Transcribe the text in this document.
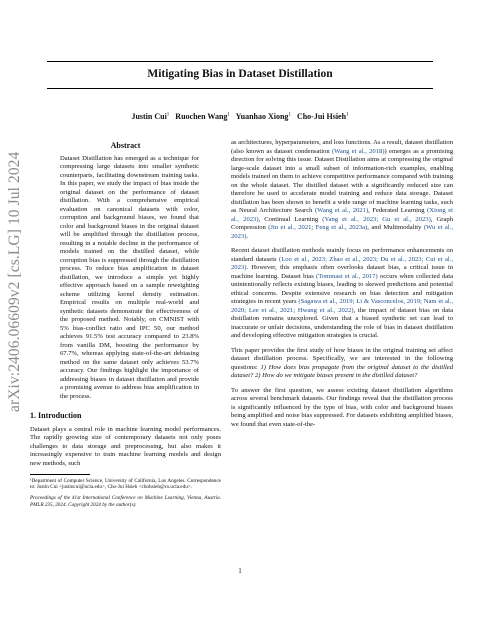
arXiv:2406.06609v2 [cs.LG] 10 Jul 2024
Mitigating Bias in Dataset Distillation
Justin Cui$^1$ Ruochen Wang$^1$ Yuanhao Xiong$^1$ Cho-Jui Hsieh$^1$
Abstract
Dataset Distillation has emerged as a technique for compressing large datasets into smaller synthetic counterparts, facilitating downstream training tasks. In this paper, we study the impact of bias inside the original dataset on the performance of dataset distillation. With a comprehensive empirical evaluation on canonical datasets with color, corruption and background biases, we found that color and background biases in the original dataset will be amplified through the distillation process, resulting in a notable decline in the performance of models trained on the distilled dataset, while corruption bias is suppressed through the distillation process. To reduce bias amplification in dataset distillation, we introduce a simple yet highly effective approach based on a sample reweighting scheme utilizing kernel density estimation. Empirical results on multiple real-world and synthetic datasets demonstrate the effectiveness of the proposed method. Notably, on CMNIST with 5% bias-conflict ratio and IPC 50, our method achieves 91.5% test accuracy compared to 23.8% from vanilla DM, boosting the performance by 67.7%, whereas applying state-of-the-art debiasing method on the same dataset only achieves 53.7% accuracy. Our findings highlight the importance of addressing biases in dataset distillation and provide a promising avenue to address bias amplification in the process.
1. Introduction
Dataset plays a central role in machine learning model performances. The rapidly growing size of contemporary datasets not only poses challenges to data storage and preprocessing, but also makes it increasingly expensive to train machine learning models and design new methods, such

¹Department of Computer Science, University of California, Los Angeles. Correspondence to: Justin Cui <justincui@ucla.edu>, Cho-Jui Hsieh <chohsieh@cs.ucla.edu>.

Proceedings of the 41st International Conference on Machine Learning, Vienna, Austria. PMLR 235, 2024. Copyright 2024 by the author(s).

as architectures, hyperparameters, and loss functions. As a result, dataset distillation (also known as dataset condensation (Wang et al., 2018)) emerges as a promising direction for solving this issue. Dataset Distillation aims at compressing the original large-scale dataset into a small subset of information-rich examples, enabling models trained on them to achieve competitive performance compared with training on the whole dataset. The distilled dataset with a significantly reduced size can therefore be used to accelerate model training and reduce data storage. Dataset distillation has been shown to benefit a wide range of machine learning tasks, such as Neural Architecture Search (Wang et al., 2021), Federated Learning (Xiong et al., 2023), Continual Learning (Yang et al., 2023; Gu et al., 2023), Graph Compression (Jin et al., 2021; Feng et al., 2023a), and Multimodality (Wu et al., 2023).

Recent dataset distillation methods mainly focus on performance enhancements on standard datasets (Loo et al., 2023; Zhao et al., 2023; Du et al., 2023; Cui et al., 2023). However, this emphasis often overlooks dataset bias, a critical issue in machine learning. Dataset bias (Tommasi et al., 2017) occurs when collected data unintentionally reflects existing biases, leading to skewed predictions and potential ethical concerns. Despite extensive research on bias detection and mitigation strategies in recent years (Sagawa et al., 2019; Li & Vasconcelos, 2019; Nam et al., 2020; Lee et al., 2021; Hwang et al., 2022), the impact of dataset bias on data distillation remains unexplored. Given that a biased synthetic set can lead to inaccurate or unfair decisions, understanding the role of bias in dataset distillation and developing effective mitigation strategies is crucial.

This paper provides the first study of how biases in the original training set affect dataset distillation process. Specifically, we are interested in the following questions: 1) How does bias propagate from the original dataset to the distilled dataset? 2) How do we mitigate biases present in the distilled dataset?

To answer the first question, we assess existing dataset distillation algorithms across several benchmark datasets. Our findings reveal that the distillation process is significantly influenced by the type of bias, with color and background biases being amplified and noise bias suppressed. For datasets exhibiting amplified biases, we found that even state-of-the-

1
